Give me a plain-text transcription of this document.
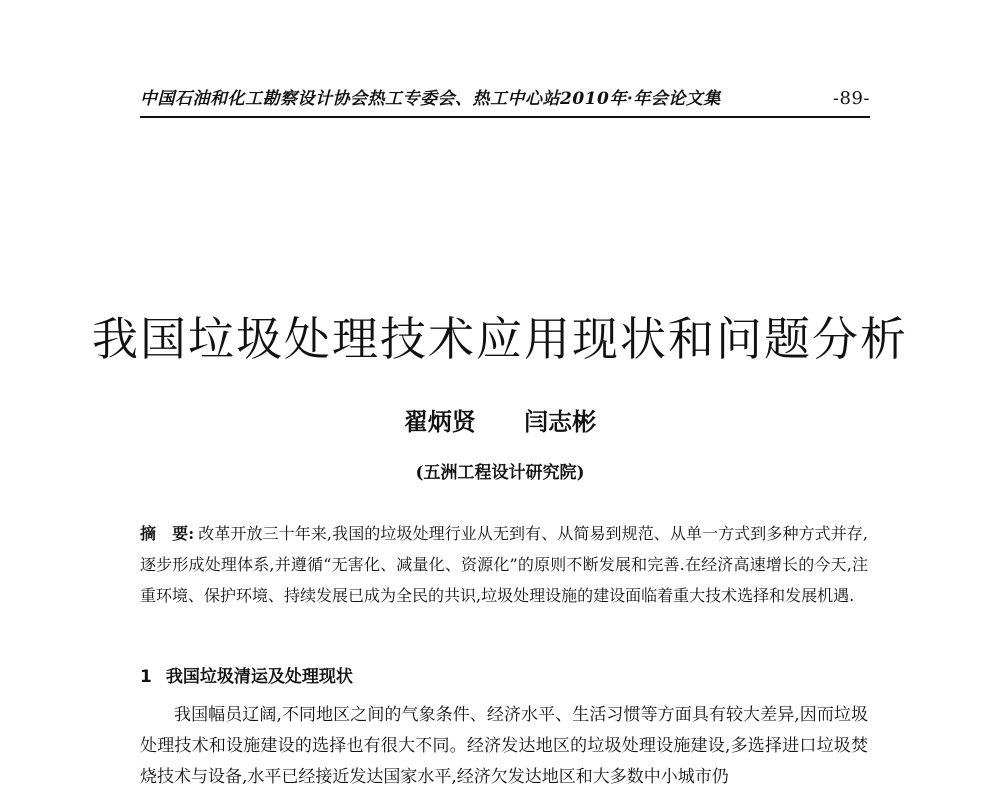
中国石油和化工勘察设计协会热工专委会、热工中心站2010年·年会论文集	-89-
我国垃圾处理技术应用现状和问题分析
翟炳贤 闫志彬
(五洲工程设计研究院)
摘　要: 改革开放三十年来,我国的垃圾处理行业从无到有、从简易到规范、从单一方式到多种方式并存,逐步形成处理体系,并遵循“无害化、减量化、资源化”的原则不断发展和完善.在经济高速增长的今天,注重环境、保护环境、持续发展已成为全民的共识,垃圾处理设施的建设面临着重大技术选择和发展机遇.
1 我国垃圾清运及处理现状
我国幅员辽阔,不同地区之间的气象条件、经济水平、生活习惯等方面具有较大差异,因而垃圾处理技术和设施建设的选择也有很大不同。经济发达地区的垃圾处理设施建设,多选择进口垃圾焚烧技术与设备,水平已经接近发达国家水平,经济欠发达地区和大多数中小城市仍
